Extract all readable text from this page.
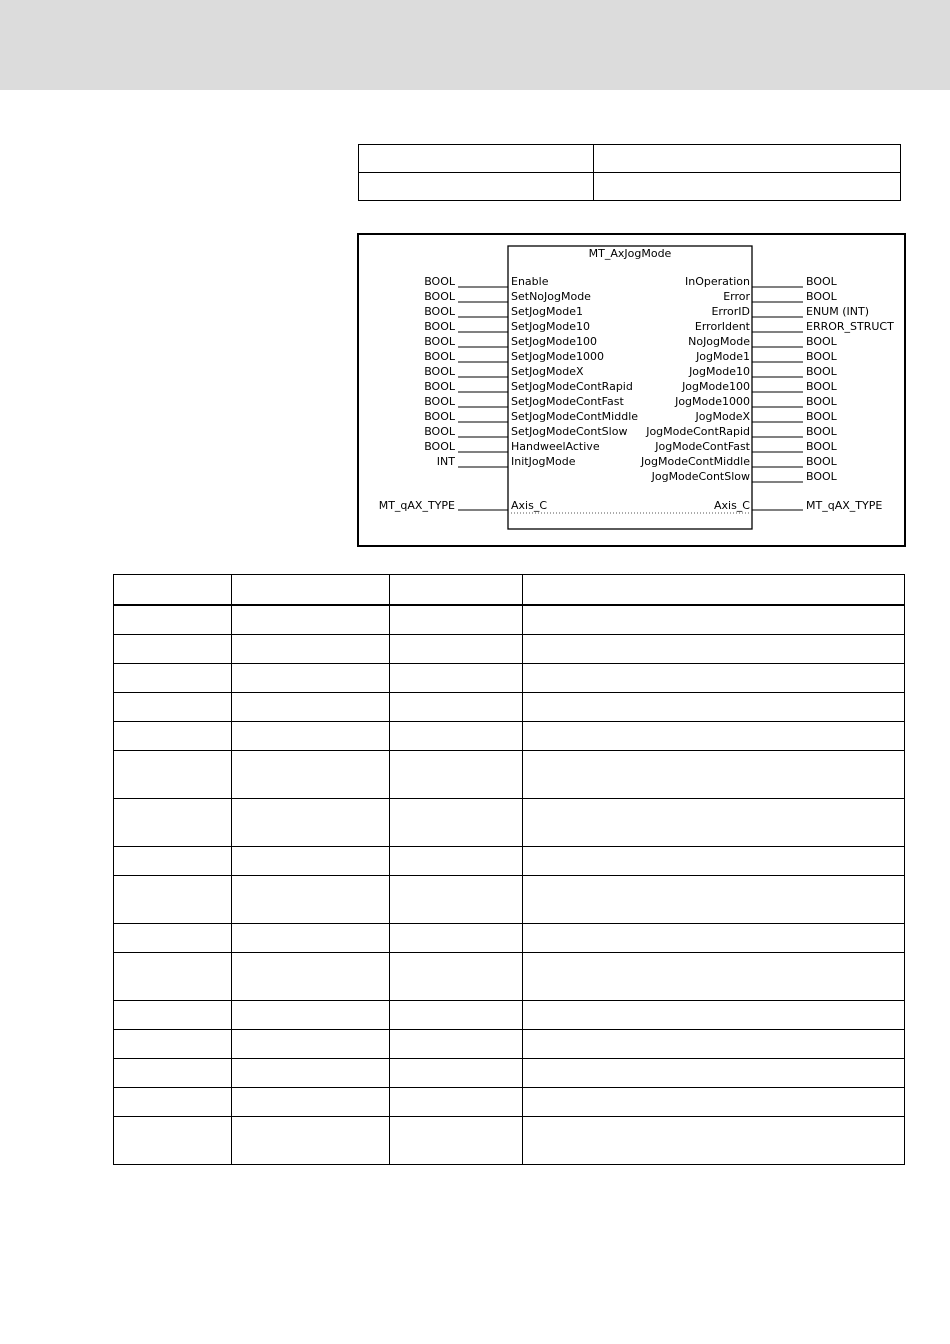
MT_AxJogMode
BOOL	Enable
BOOL	SetNoJogMode
BOOL	SetJogMode1
BOOL	SetJogMode10
BOOL	SetJogMode100
BOOL	SetJogMode1000
BOOL	SetJogModeX
BOOL	SetJogModeContRapid
BOOL	SetJogModeContFast
BOOL	SetJogModeContMiddle
BOOL	SetJogModeContSlow
BOOL	HandweelActive
INT	InitJogMode
InOperation	BOOL
Error	BOOL
ErrorID	ENUM (INT)
ErrorIdent	ERROR_STRUCT
NoJogMode	BOOL
JogMode1	BOOL
JogMode10	BOOL
JogMode100	BOOL
JogMode1000	BOOL
JogModeX	BOOL
JogModeContRapid	BOOL
JogModeContFast	BOOL
JogModeContMiddle	BOOL
JogModeContSlow	BOOL
MT_qAX_TYPE	Axis_C	Axis_C	MT_qAX_TYPE
